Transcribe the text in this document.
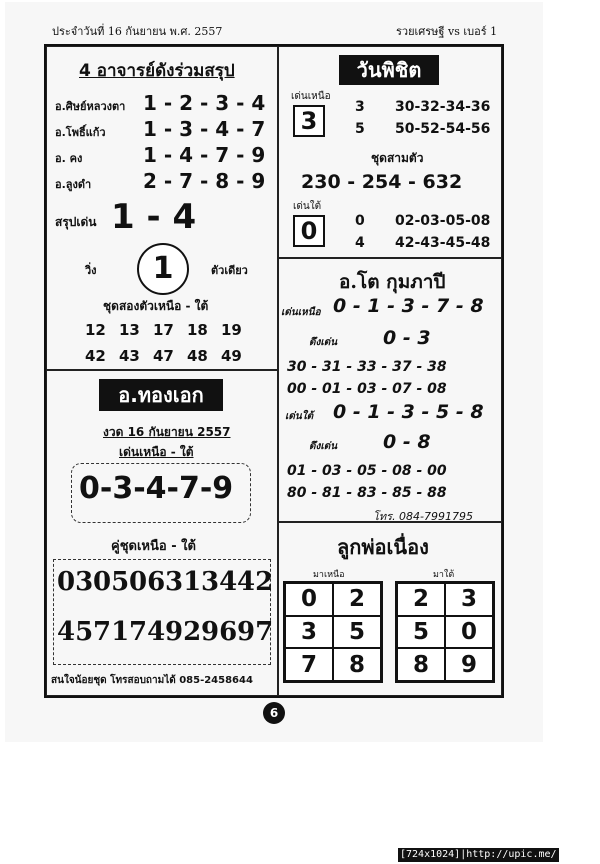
ประจำวันที่ 16 กันยายน พ.ศ. 2557	รวยเศรษฐี vs เบอร์ 1
4 อาจารย์ดังร่วมสรุป
อ.ศิษย์หลวงตา 1 - 2 - 3 - 4
อ.โพธิ์แก้ว 1 - 3 - 4 - 7
อ. คง	1 - 4 - 7 - 9
อ.ลูงดำ	2 - 7 - 8 - 9
สรุปเด่น 1 - 4
วิ่ง	1	ตัวเดียว
ชุดสองตัวเหนือ - ใต้
12 13 17 18 19
42 43 47 48 49
วันพิชิต
เด่นเหนือ
3	3 30-32-34-36
5 50-52-54-56
ชุดสามตัว
230 - 254 - 632
เด่นใต้
0	0 02-03-05-08
4 42-43-45-48
อ.โต กุมภาปี
เด่นเหนือ 0 - 1 - 3 - 7 - 8
ดึงเด่น 0 - 3
30 - 31 - 33 - 37 - 38
00 - 01 - 03 - 07 - 08
เด่นใต้ 0 - 1 - 3 - 5 - 8
ดึงเด่น 0 - 8
01 - 03 - 05 - 08 - 00
80 - 81 - 83 - 85 - 88
โทร. 084-7991795
อ.ทองเอก
งวด 16 กันยายน 2557
เด่นเหนือ - ใต้
0-3-4-7-9
คู่ชุดเหนือ - ใต้
03 05 06 31 34 42
45 71 74 92 96 97
สนใจน้อยชุด โทรสอบถามได้ 085-2458644
ลูกพ่อเนื่อง
มาเหนือ	มาใต้
0	2
3	5
7	8
2	3
5	0
8	9
6
[724x1024]|http://upic.me/
